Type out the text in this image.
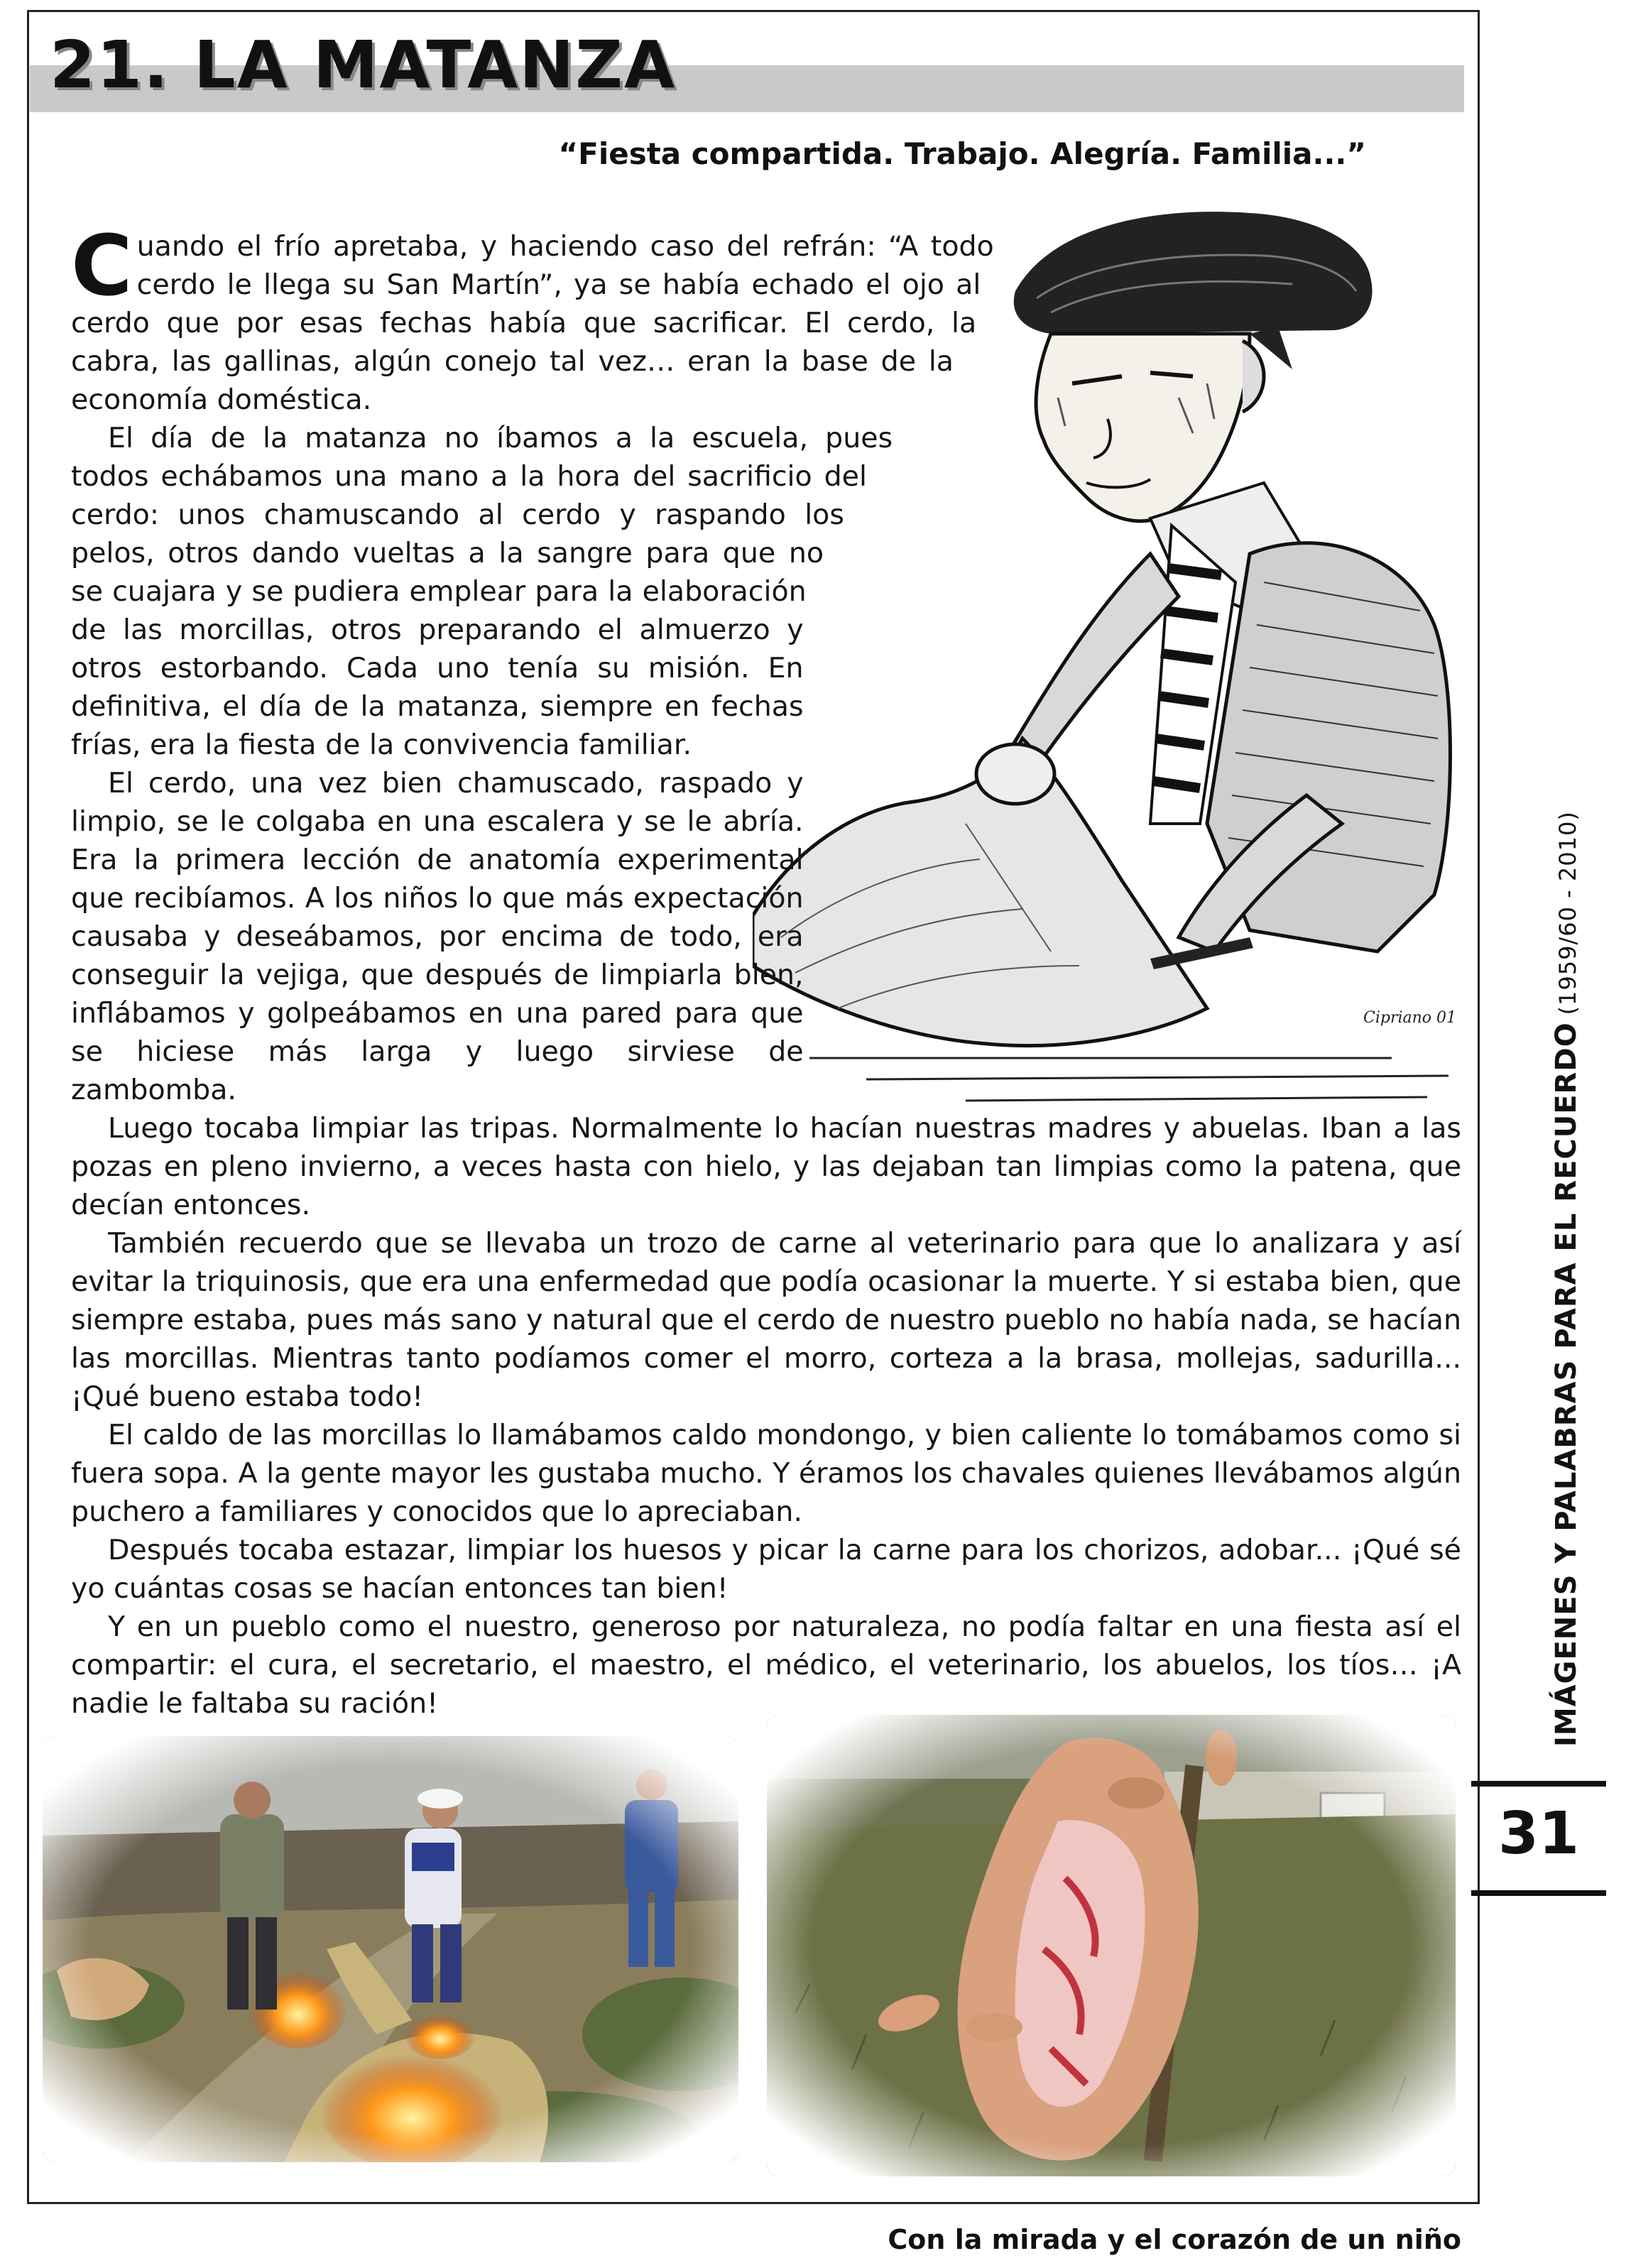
21. LA MATANZA

“Fiesta compartida. Trabajo. Alegría. Familia...”

Cipriano 01

Cuando el frío apretaba, y haciendo caso del refrán: “A todo cerdo le llega su San Martín”, ya se había echado el ojo al cerdo que por esas fechas había que sacrificar. El cerdo, la cabra, las gallinas, algún conejo tal vez… eran la base de la economía doméstica.

El día de la matanza no íbamos a la escuela, pues todos echábamos una mano a la hora del sacrificio del cerdo: unos chamuscando al cerdo y raspando los pelos, otros dando vueltas a la sangre para que no se cuajara y se pudiera emplear para la elaboración de las morcillas, otros preparando el almuerzo y otros estorbando. Cada uno tenía su misión. En definitiva, el día de la matanza, siempre en fechas frías, era la fiesta de la convivencia familiar.

El cerdo, una vez bien chamuscado, raspado y limpio, se le colgaba en una escalera y se le abría. Era la primera lección de anatomía experimental que recibíamos. A los niños lo que más expectación causaba y deseábamos, por encima de todo, era conseguir la vejiga, que después de limpiarla bien, inflábamos y golpeábamos en una pared para que se hiciese más larga y luego sirviese de zambomba.

Luego tocaba limpiar las tripas. Normalmente lo hacían nuestras madres y abuelas. Iban a las pozas en pleno invierno, a veces hasta con hielo, y las dejaban tan limpias como la patena, que decían entonces.

También recuerdo que se llevaba un trozo de carne al veterinario para que lo analizara y así evitar la triquinosis, que era una enfermedad que podía ocasionar la muerte. Y si estaba bien, que siempre estaba, pues más sano y natural que el cerdo de nuestro pueblo no había nada, se hacían las morcillas. Mientras tanto podíamos comer el morro, corteza a la brasa, mollejas, sadurilla... ¡Qué bueno estaba todo!

El caldo de las morcillas lo llamábamos caldo mondongo, y bien caliente lo tomábamos como si fuera sopa. A la gente mayor les gustaba mucho. Y éramos los chavales quienes llevábamos algún puchero a familiares y conocidos que lo apreciaban.

Después tocaba estazar, limpiar los huesos y picar la carne para los chorizos, adobar... ¡Qué sé yo cuántas cosas se hacían entonces tan bien!

Y en un pueblo como el nuestro, generoso por naturaleza, no podía faltar en una fiesta así el compartir: el cura, el secretario, el maestro, el médico, el veterinario, los abuelos, los tíos… ¡A nadie le faltaba su ración!	IMÁGENES Y PALABRAS PARA EL RECUERDO(1959/60 - 2010)

31

Con la mirada y el corazón de un niño
